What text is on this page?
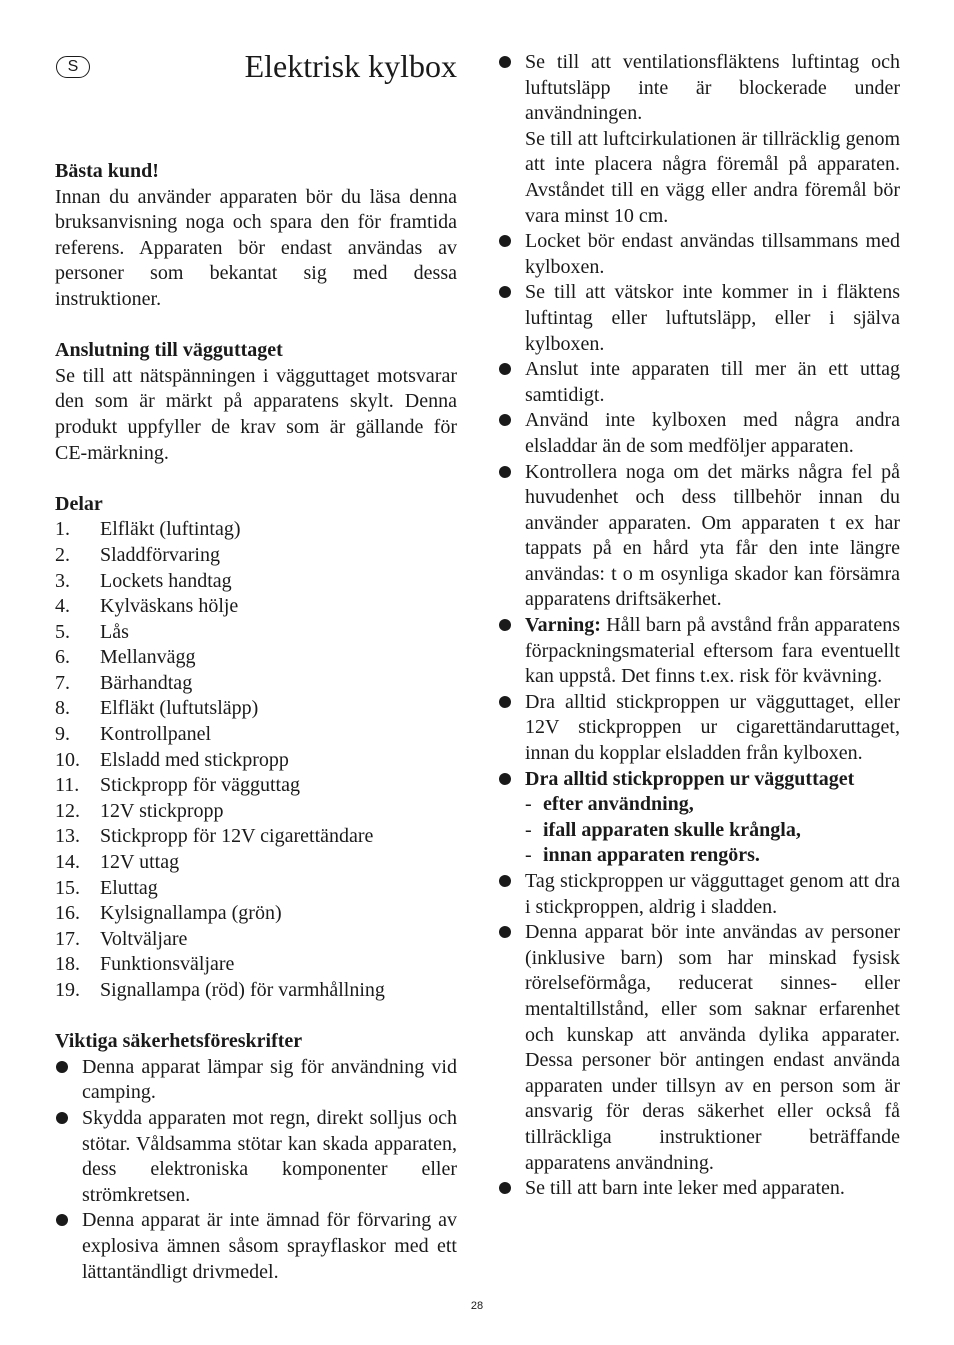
S	Elektrisk kylbox

Bästa kund!

Innan du använder apparaten bör du läsa denna bruksanvisning noga och spara den för framtida referens. Apparaten bör endast användas av personer som bekantat sig med dessa instruktioner.

Anslutning till vägguttaget

Se till att nätspänningen i vägguttaget motsvarar den som är märkt på apparatens skylt. Denna produkt uppfyller de krav som är gällande för CE-märkning.

Delar

1.	Elfläkt (luftintag)
2.	Sladdförvaring
3.	Lockets handtag
4.	Kylväskans hölje
5.	Lås
6.	Mellanvägg
7.	Bärhandtag
8.	Elfläkt (luftutsläpp)
9.	Kontrollpanel
10.	Elsladd med stickpropp
11.	Stickpropp för vägguttag
12.	12V stickpropp
13.	Stickpropp för 12V cigarettändare
14.	12V uttag
15.	Eluttag
16.	Kylsignallampa (grön)
17.	Voltväljare
18.	Funktionsväljare
19.	Signallampa (röd) för varmhållning

Viktiga säkerhetsföreskrifter

Denna apparat lämpar sig för användning vid camping.
Skydda apparaten mot regn, direkt solljus och stötar. Våldsamma stötar kan skada apparaten, dess elektroniska komponenter eller strömkretsen.
Denna apparat är inte ämnad för förvaring av explosiva ämnen såsom sprayflaskor med ett lättantändligt drivmedel.
Se till att ventilationsfläktens luftintag och luftutsläpp inte är blockerade under användningen.
Se till att luftcirkulationen är tillräcklig genom att inte placera några föremål på apparaten. Avståndet till en vägg eller andra föremål bör vara minst 10 cm.
Locket bör endast användas tillsammans med kylboxen.
Se till att vätskor inte kommer in i fläktens luftintag eller luftutsläpp, eller i själva kylboxen.
Anslut inte apparaten till mer än ett uttag samtidigt.
Använd inte kylboxen med några andra elsladdar än de som medföljer apparaten.
Kontrollera noga om det märks några fel på huvudenhet och dess tillbehör innan du använder apparaten. Om apparaten t ex har tappats på en hård yta får den inte längre användas: t o m osynliga skador kan försämra apparatens driftsäkerhet.
Varning: Håll barn på avstånd från apparatens förpackningsmaterial eftersom fara eventuellt kan uppstå. Det finns t.ex. risk för kvävning.
Dra alltid stickproppen ur vägguttaget, eller 12V stickproppen ur cigarettändaruttaget, innan du kopplar elsladden från kylboxen.
Dra alltid stickproppen ur vägguttaget
- efter användning,
- ifall apparaten skulle krångla,
- innan apparaten rengörs.
Tag stickproppen ur vägguttaget genom att dra i stickproppen, aldrig i sladden.
Denna apparat bör inte användas av personer (inklusive barn) som har minskad fysisk rörelseförmåga, reducerat sinnes- eller mentaltillstånd, eller som saknar erfarenhet och kunskap att använda dylika apparater. Dessa personer bör antingen endast använda apparaten under tillsyn av en person som är ansvarig för deras säkerhet eller också få tillräckliga instruktioner beträffande apparatens användning.
Se till att barn inte leker med apparaten.
28
